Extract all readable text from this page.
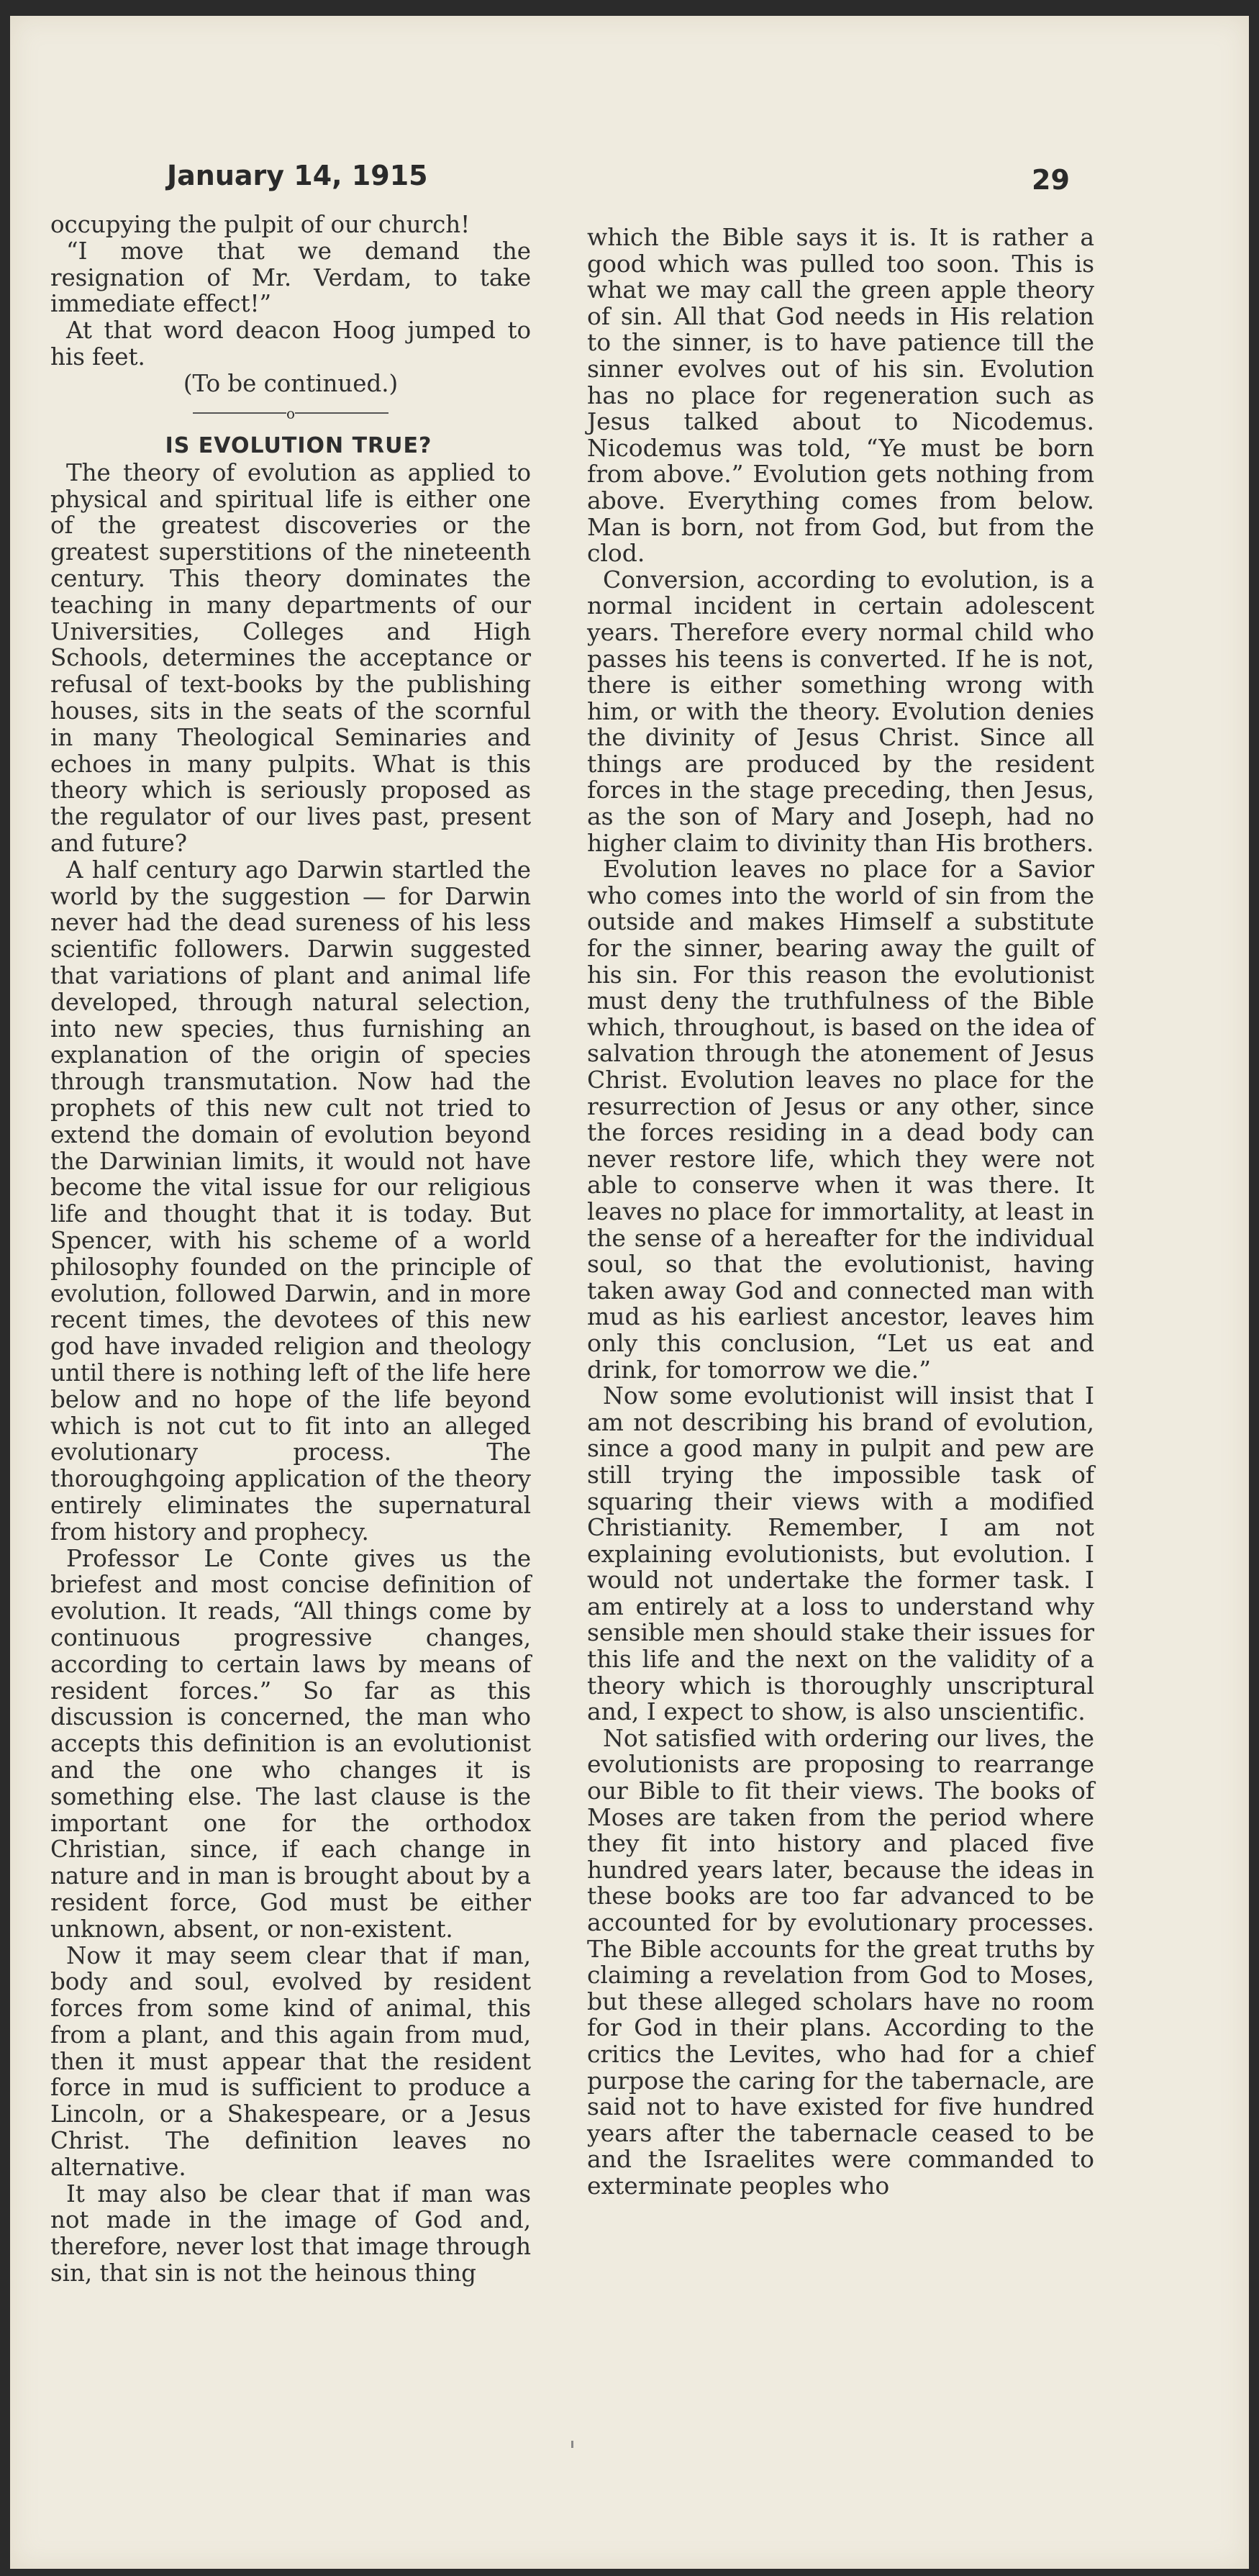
January 14, 1915	29

occupying the pulpit of our church!

“I move that we demand the resignation of Mr. Verdam, to take immediate effect!”

At that word deacon Hoog jumped to his feet.

(To be continued.)

o

IS EVOLUTION TRUE?

The theory of evolution as applied to physical and spiritual life is either one of the greatest discoveries or the greatest superstitions of the nineteenth century. This theory dominates the teaching in many departments of our Universities, Colleges and High Schools, determines the acceptance or refusal of text-books by the publishing houses, sits in the seats of the scornful in many Theological Seminaries and echoes in many pulpits. What is this theory which is seriously proposed as the regulator of our lives past, present and future?

A half century ago Darwin startled the world by the suggestion — for Darwin never had the dead sureness of his less scientific followers. Darwin suggested that variations of plant and animal life developed, through natural selection, into new species, thus furnishing an explanation of the origin of species through transmutation. Now had the prophets of this new cult not tried to extend the domain of evolution beyond the Darwinian limits, it would not have become the vital issue for our religious life and thought that it is today. But Spencer, with his scheme of a world philosophy founded on the principle of evolution, followed Darwin, and in more recent times, the devotees of this new god have invaded religion and theology until there is nothing left of the life here below and no hope of the life beyond which is not cut to fit into an alleged evolutionary process. The thoroughgoing application of the theory entirely eliminates the supernatural from history and prophecy.

Professor Le Conte gives us the briefest and most concise definition of evolution. It reads, “All things come by continuous progressive changes, according to certain laws by means of resident forces.” So far as this discussion is concerned, the man who accepts this definition is an evolutionist and the one who changes it is something else. The last clause is the important one for the orthodox Christian, since, if each change in nature and in man is brought about by a resident force, God must be either unknown, absent, or non-existent.

Now it may seem clear that if man, body and soul, evolved by resident forces from some kind of animal, this from a plant, and this again from mud, then it must appear that the resident force in mud is sufficient to produce a Lincoln, or a Shakespeare, or a Jesus Christ. The definition leaves no alternative.

It may also be clear that if man was not made in the image of God and, therefore, never lost that image through sin, that sin is not the heinous thing

which the Bible says it is. It is rather a good which was pulled too soon. This is what we may call the green apple theory of sin. All that God needs in His relation to the sinner, is to have patience till the sinner evolves out of his sin. Evolution has no place for regeneration such as Jesus talked about to Nicodemus. Nicodemus was told, “Ye must be born from above.” Evolution gets nothing from above. Everything comes from below. Man is born, not from God, but from the clod.

Conversion, according to evolution, is a normal incident in certain adolescent years. Therefore every normal child who passes his teens is converted. If he is not, there is either something wrong with him, or with the theory. Evolution denies the divinity of Jesus Christ. Since all things are produced by the resident forces in the stage preceding, then Jesus, as the son of Mary and Joseph, had no higher claim to divinity than His brothers.

Evolution leaves no place for a Savior who comes into the world of sin from the outside and makes Himself a substitute for the sinner, bearing away the guilt of his sin. For this reason the evolutionist must deny the truthfulness of the Bible which, throughout, is based on the idea of salvation through the atonement of Jesus Christ. Evolution leaves no place for the resurrection of Jesus or any other, since the forces residing in a dead body can never restore life, which they were not able to conserve when it was there. It leaves no place for immortality, at least in the sense of a hereafter for the individual soul, so that the evolutionist, having taken away God and connected man with mud as his earliest ancestor, leaves him only this conclusion, “Let us eat and drink, for tomorrow we die.”

Now some evolutionist will insist that I am not describing his brand of evolution, since a good many in pulpit and pew are still trying the impossible task of squaring their views with a modified Christianity. Remember, I am not explaining evolutionists, but evolution. I would not undertake the former task. I am entirely at a loss to understand why sensible men should stake their issues for this life and the next on the validity of a theory which is thoroughly unscriptural and, I expect to show, is also unscientific.

Not satisfied with ordering our lives, the evolutionists are proposing to rearrange our Bible to fit their views. The books of Moses are taken from the period where they fit into history and placed five hundred years later, because the ideas in these books are too far advanced to be accounted for by evolutionary processes. The Bible accounts for the great truths by claiming a revelation from God to Moses, but these alleged scholars have no room for God in their plans. According to the critics the Levites, who had for a chief purpose the caring for the tabernacle, are said not to have existed for five hundred years after the tabernacle ceased to be and the Israelites were commanded to exterminate peoples who
